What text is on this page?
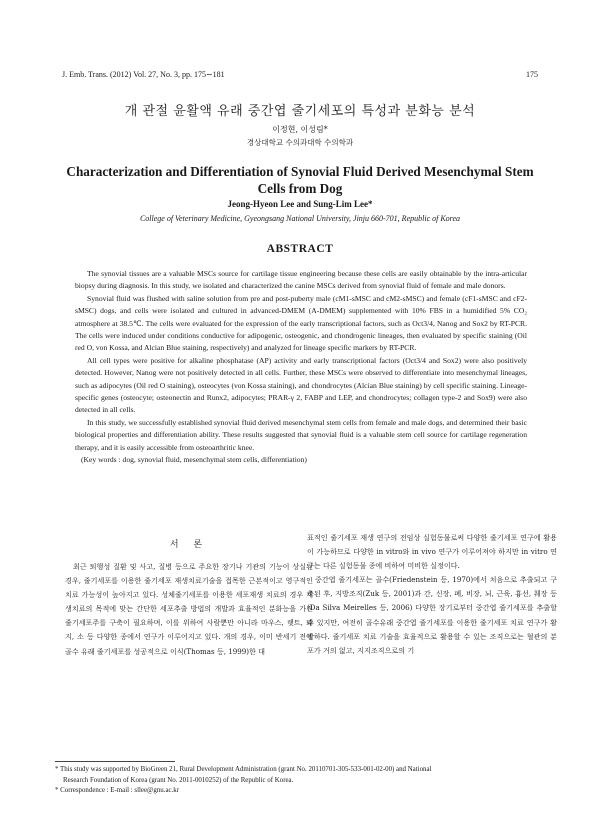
J. Emb. Trans. (2012) Vol. 27, No. 3, pp. 175∼181	175
개 관절 윤활액 유래 중간엽 줄기세포의 특성과 분화능 분석
이정현, 이성림*
경상대학교 수의과대학 수의학과
Characterization and Differentiation of Synovial Fluid Derived Mesenchymal Stem Cells from Dog
Jeong-Hyeon Lee and Sung-Lim Lee*
College of Veterinary Medicine, Gyeongsang National University, Jinju 660-701, Republic of Korea
ABSTRACT

The synovial tissues are a valuable MSCs source for cartilage tissue engineering because these cells are easily obtainable by the intra-articular biopsy during diagnosis. In this study, we isolated and characterized the canine MSCs derived from synovial fluid of female and male donors.

Synovial fluid was flushed with saline solution from pre and post-puberty male (cM1-sMSC and cM2-sMSC) and female (cF1-sMSC and cF2-sMSC) dogs, and cells were isolated and cultured in advanced-DMEM (A-DMEM) supplemented with 10% FBS in a humidified 5% CO₂ atmosphere at 38.5℃. The cells were evaluated for the expression of the early transcriptional factors, such as Oct3/4, Nanog and Sox2 by RT-PCR. The cells were induced under conditions conductive for adipogenic, osteogenic, and chondrogenic lineages, then evaluated by specific staining (Oil red O, von Kossa, and Alcian Blue staining, respectively) and analyzed for lineage specific markers by RT-PCR.

All cell types were positive for alkaline phosphatase (AP) activity and early transcriptional factors (Oct3/4 and Sox2) were also positively detected. However, Nanog were not positively detected in all cells. Further, these MSCs were observed to differentiate into mesenchymal lineages, such as adipocytes (Oil red O staining), osteocytes (von Kossa staining), and chondrocytes (Alcian Blue staining) by cell specific staining. Lineage-specific genes (osteocyte; osteonectin and Runx2, adipocytes; PRAR-γ 2, FABP and LEP, and chondrocytes; collagen type-2 and Sox9) were also detected in all cells.

In this study, we successfully established synovial fluid derived mesenchymal stem cells from female and male dogs, and determined their basic biological properties and differentiation ability. These results suggested that synovial fluid is a valuable stem cell source for cartilage regeneration therapy, and it is easily accessible from osteoarthritic knee.

(Key words : dog, synovial fluid, mesenchymal stem cells, differentiation)

서 론

최근 퇴행성 질환 및 사고, 질병 등으로 주요한 장기나 기관의 기능이 상실된 경우, 줄기세포를 이용한 줄기세포 재생치료기술을 접목한 근본적이고 영구적인 치료 가능성이 높아지고 있다. 성체줄기세포를 이용한 세포재생 치료의 경우 재생치료의 목적에 맞는 간단한 세포추출 방법의 개발과 효율적인 분화능을 가진 줄기세포주를 구축이 필요하며, 이를 위하여 사람뿐만 아니라 마우스, 랫트, 돼지, 소 등 다양한 종에서 연구가 이루어지고 있다. 개의 경우, 이미 반세기 전에 골수 유래 줄기세포를 성공적으로 이식(Thomas 등, 1999)한 대

표적인 줄기세포 재생 연구의 전임상 실험동물로써 다양한 줄기세포 연구에 활용이 가능하므로 다양한 in vitro와 in vivo 연구가 이루어져야 하지만 in vitro 연구는 다른 실험동물 종에 비하여 미비한 실정이다.

중간엽 줄기세포는 골수(Friedenstein 등, 1970)에서 처음으로 추출되고 구축된 후, 지방조직(Zuk 등, 2001)과 간, 신장, 폐, 비장, 뇌, 근육, 흉선, 췌장 등(Da Silva Meirelles 등, 2006) 다양한 장기로부터 중간엽 줄기세포를 추출할 수 있지만, 여전히 골수유래 중간엽 줄기세포를 이용한 줄기세포 치료 연구가 활발하다. 줄기세포 치료 기술을 효율적으로 활용할 수 있는 조직으로는 혈관의 분포가 거의 없고, 지지조직으로의 기

* This study was supported by BioGreen 21, Rural Development Administration (grant No. 20110701-305-533-001-02-00) and National

Research Foundation of Korea (grant No. 2011-0010252) of the Republic of Korea.

* Correspondence : E-mail : sllee@gnu.ac.kr
